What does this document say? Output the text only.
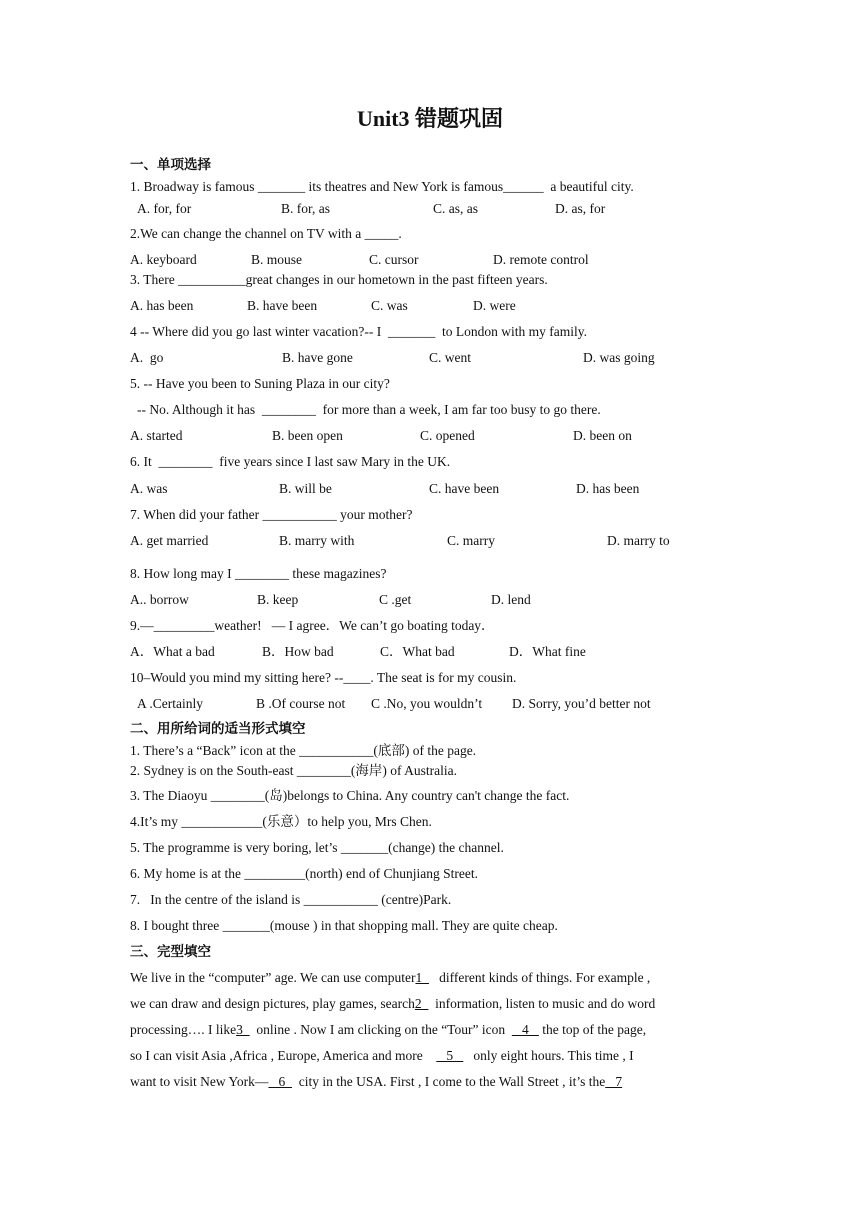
Unit3 错题巩固
一、单项选择
1. Broadway is famous _______ its theatres and New York is famous______  a beautiful city.
A. for, for	B. for, as	C. as, as	D. as, for
2.We can change the channel on TV with a _____.
A. keyboard	B. mouse	C. cursor	D. remote control
3. There __________great changes in our hometown in the past fifteen years.
A. has been	B. have been	C. was	D. were
4 -- Where did you go last winter vacation?-- I  _______  to London with my family.
A.  go	B. have gone	C. went	D. was going
5. -- Have you been to Suning Plaza in our city?
-- No. Although it has  ________  for more than a week, I am far too busy to go there.
A. started	B. been open	C. opened	D. been on
6. It  ________  five years since I last saw Mary in the UK.
A. was	B. will be	C. have been	D. has been
7. When did your father ___________ your mother?
A. get married	B. marry with	C. marry	D. marry to
8. How long may I ________ these magazines?
A.. borrow	B. keep	C .get	D. lend
9.—_________weather!   — I agree．We can’t go boating today．
A．What a bad	B．How bad	C．What bad	D．What fine
10–Would you mind my sitting here? --____. The seat is for my cousin.
A .Certainly	B .Of course not C .No, you wouldn’t D. Sorry, you’d better not
二、用所给词的适当形式填空
1. There’s a “Back” icon at the ___________(底部) of the page.
2. Sydney is on the South-east ________(海岸) of Australia.
3. The Diaoyu ________(岛)belongs to China. Any country can't change the fact.
4.It’s my ____________(乐意）to help you, Mrs Chen.
5. The programme is very boring, let’s _______(change) the channel.
6. My home is at the _________(north) end of Chunjiang Street.
7.   In the centre of the island is ___________ (centre)Park.
8. I bought three _______(mouse ) in that shopping mall. They are quite cheap.
三、完型填空
We live in the “computer” age. We can use computer1     different kinds of things. For example ,
we can draw and design pictures, play games, search2    information, listen to music and do word
processing…. I like3    online . Now I am clicking on the “Tour” icon     4    the top of the page,
so I can visit Asia ,Africa , Europe, America and more       5      only eight hours. This time , I
want to visit New York—   6    city in the USA. First , I come to the Wall Street , it’s the   7
